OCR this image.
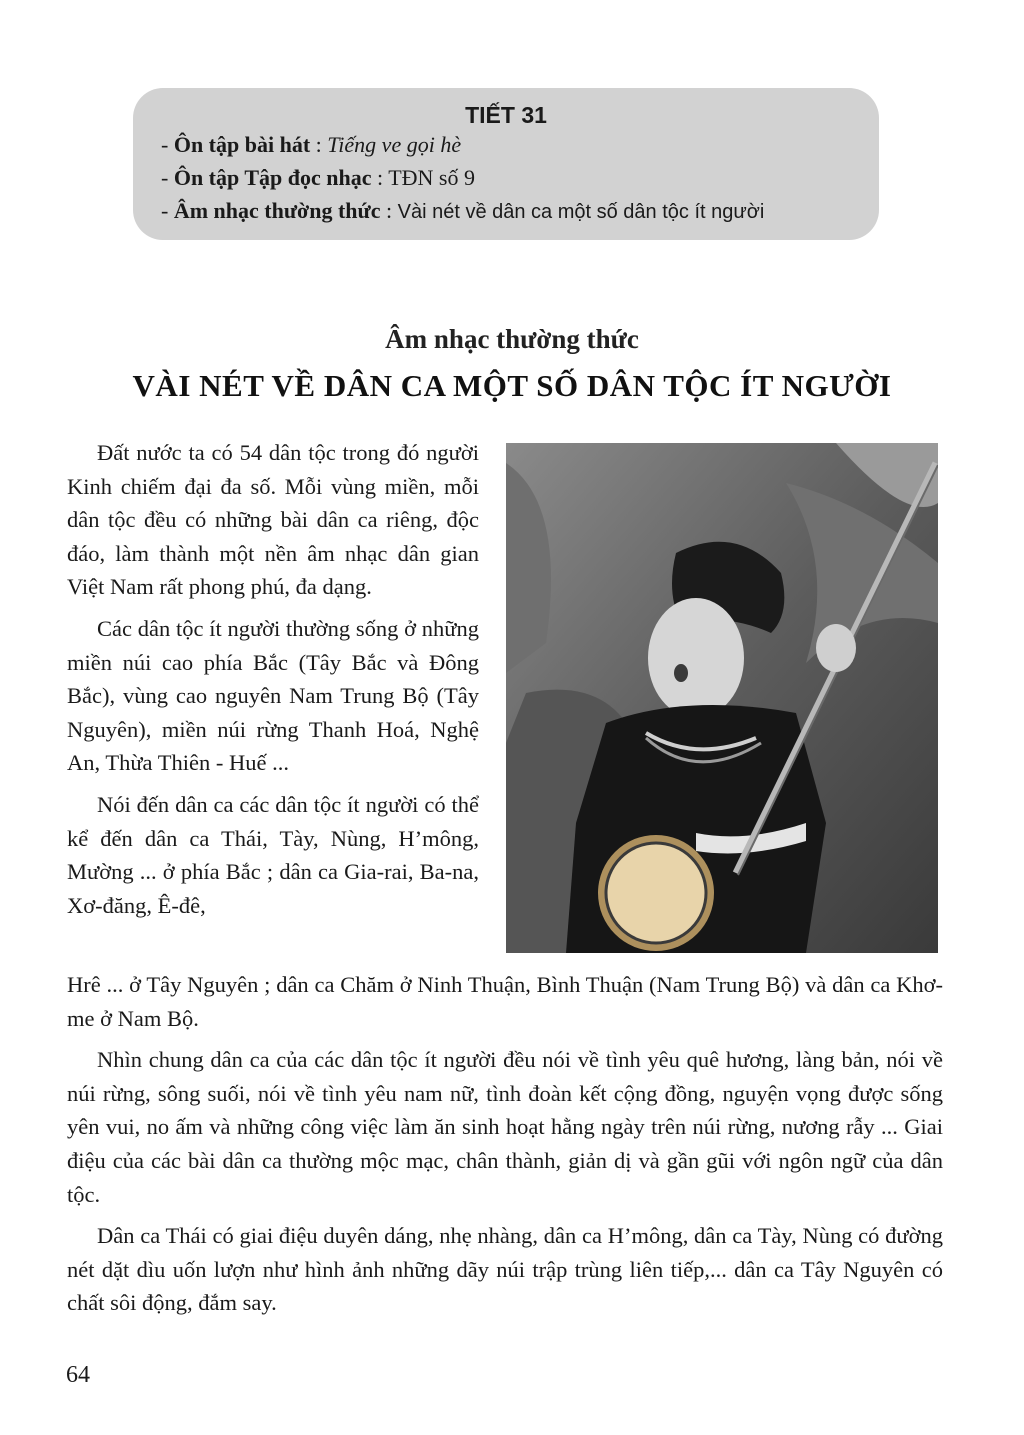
TIẾT 31
- Ôn tập bài hát : Tiếng ve gọi hè
- Ôn tập Tập đọc nhạc : TĐN số 9
- Âm nhạc thường thức : Vài nét về dân ca một số dân tộc ít người
Âm nhạc thường thức
VÀI NÉT VỀ DÂN CA MỘT SỐ DÂN TỘC ÍT NGƯỜI

Đất nước ta có 54 dân tộc trong đó người Kinh chiếm đại đa số. Mỗi vùng miền, mỗi dân tộc đều có những bài dân ca riêng, độc đáo, làm thành một nền âm nhạc dân gian Việt Nam rất phong phú, đa dạng.

Các dân tộc ít người thường sống ở những miền núi cao phía Bắc (Tây Bắc và Đông Bắc), vùng cao nguyên Nam Trung Bộ (Tây Nguyên), miền núi rừng Thanh Hoá, Nghệ An, Thừa Thiên - Huế ...

Nói đến dân ca các dân tộc ít người có thể kể đến dân ca Thái, Tày, Nùng, H’mông, Mường ... ở phía Bắc ; dân ca Gia-rai, Ba-na, Xơ-đăng, Ê-đê,

Hrê ... ở Tây Nguyên ; dân ca Chăm ở Ninh Thuận, Bình Thuận (Nam Trung Bộ) và dân ca Khơ-me ở Nam Bộ.

Nhìn chung dân ca của các dân tộc ít người đều nói về tình yêu quê hương, làng bản, nói về núi rừng, sông suối, nói về tình yêu nam nữ, tình đoàn kết cộng đồng, nguyện vọng được sống yên vui, no ấm và những công việc làm ăn sinh hoạt hằng ngày trên núi rừng, nương rẫy ... Giai điệu của các bài dân ca thường mộc mạc, chân thành, giản dị và gần gũi với ngôn ngữ của dân tộc.

Dân ca Thái có giai điệu duyên dáng, nhẹ nhàng, dân ca H’mông, dân ca Tày, Nùng có đường nét dặt dìu uốn lượn như hình ảnh những dãy núi trập trùng liên tiếp,... dân ca Tây Nguyên có chất sôi động, đắm say.

64
